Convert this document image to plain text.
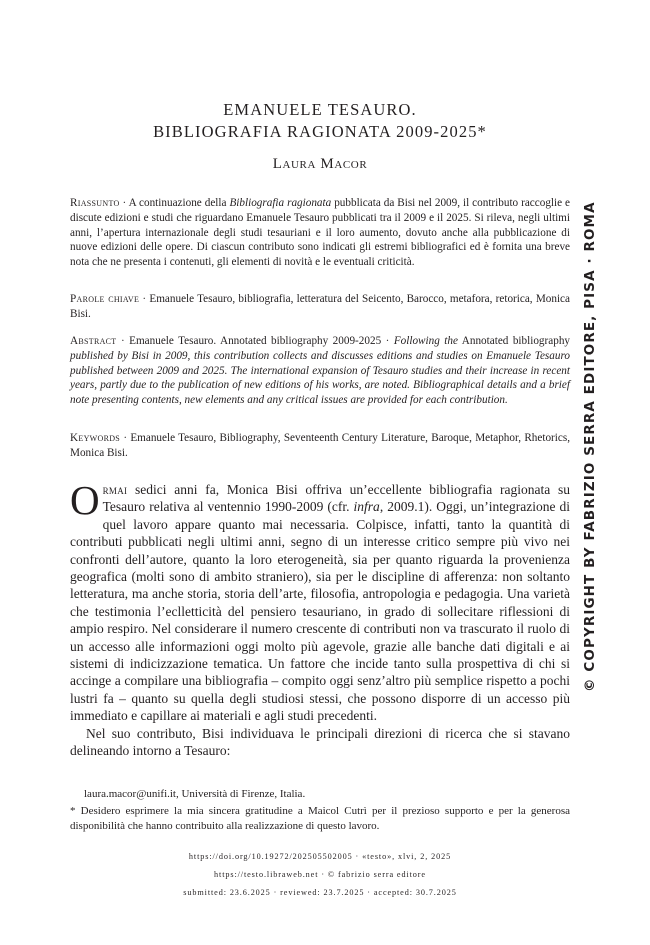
prospettiva di chi si accinge a compilare una bibliografia. Nel suo contributo, Bisi individuava i contenuti, gli elementi di novità e le eventuali criticità.

EMANUELE TESAURO.
BIBLIOGRAFIA RAGIONATA 2009-2025*

Laura Macor

Riassunto · A continuazione della Bibliografia ragionata pubblicata da Bisi nel 2009, il contributo raccoglie e discute edizioni e studi che riguardano Emanuele Tesauro pubblicati tra il 2009 e il 2025. Si rileva, negli ultimi anni, l’apertura internazionale degli studi tesauriani e il loro aumento, dovuto anche alla pubblicazione di nuove edizioni delle opere. Di ciascun contributo sono indicati gli estremi bibliografici ed è fornita una breve nota che ne presenta i contenuti, gli elementi di novità e le eventuali criticità.

Parole chiave · Emanuele Tesauro, bibliografia, letteratura del Seicento, Barocco, metafora, retorica, Monica Bisi.

Abstract · Emanuele Tesauro. Annotated bibliography 2009-2025 · Following the Annotated bibliography published by Bisi in 2009, this contribution collects and discusses editions and studies on Emanuele Tesauro published between 2009 and 2025. The international expansion of Tesauro studies and their increase in recent years, partly due to the publication of new editions of his works, are noted. Bibliographical details and a brief note presenting contents, new elements and any critical issues are provided for each contribution.

Keywords · Emanuele Tesauro, Bibliography, Seventeenth Century Literature, Baroque, Metaphor, Rhetorics, Monica Bisi.

Ormai sedici anni fa, Monica Bisi offriva un’eccellente bibliografia ragionata su Tesauro relativa al ventennio 1990-2009 (cfr. infra, 2009.1). Oggi, un’integrazione di quel lavoro appare quanto mai necessaria. Colpisce, infatti, tanto la quantità di contributi pubblicati negli ultimi anni, segno di un interesse critico sempre più vivo nei confronti dell’autore, quanto la loro eterogeneità, sia per quanto riguarda la provenienza geografica (molti sono di ambito straniero), sia per le discipline di afferenza: non soltanto letteratura, ma anche storia, storia dell’arte, filosofia, antropologia e pedagogia. Una varietà che testimonia l’eclletticità del pensiero tesauriano, in grado di sollecitare riflessioni di ampio respiro. Nel considerare il numero crescente di contributi non va trascurato il ruolo di un accesso alle informazioni oggi molto più agevole, grazie alle banche dati digitali e ai sistemi di indicizzazione tematica. Un fattore che incide tanto sulla prospettiva di chi si accinge a compilare una bibliografia – compito oggi senz’altro più semplice rispetto a pochi lustri fa – quanto su quella degli studiosi stessi, che possono disporre di un accesso più immediato e capillare ai materiali e agli studi precedenti.

Nel suo contributo, Bisi individuava le principali direzioni di ricerca che si stavano delineando intorno a Tesauro:

laura.macor@unifi.it, Università di Firenze, Italia.

* Desidero esprimere la mia sincera gratitudine a Maicol Cutrì per il prezioso supporto e per la generosa disponibilità che hanno contribuito alla realizzazione di questo lavoro.

https://doi.org/10.19272/202505502005 · «testo», xlvi, 2, 2025

https://testo.libraweb.net · © fabrizio serra editore

submitted: 23.6.2025 · reviewed: 23.7.2025 · accepted: 30.7.2025

© COPYRIGHT BY FABRIZIO SERRA EDITORE, PISA · ROMA
